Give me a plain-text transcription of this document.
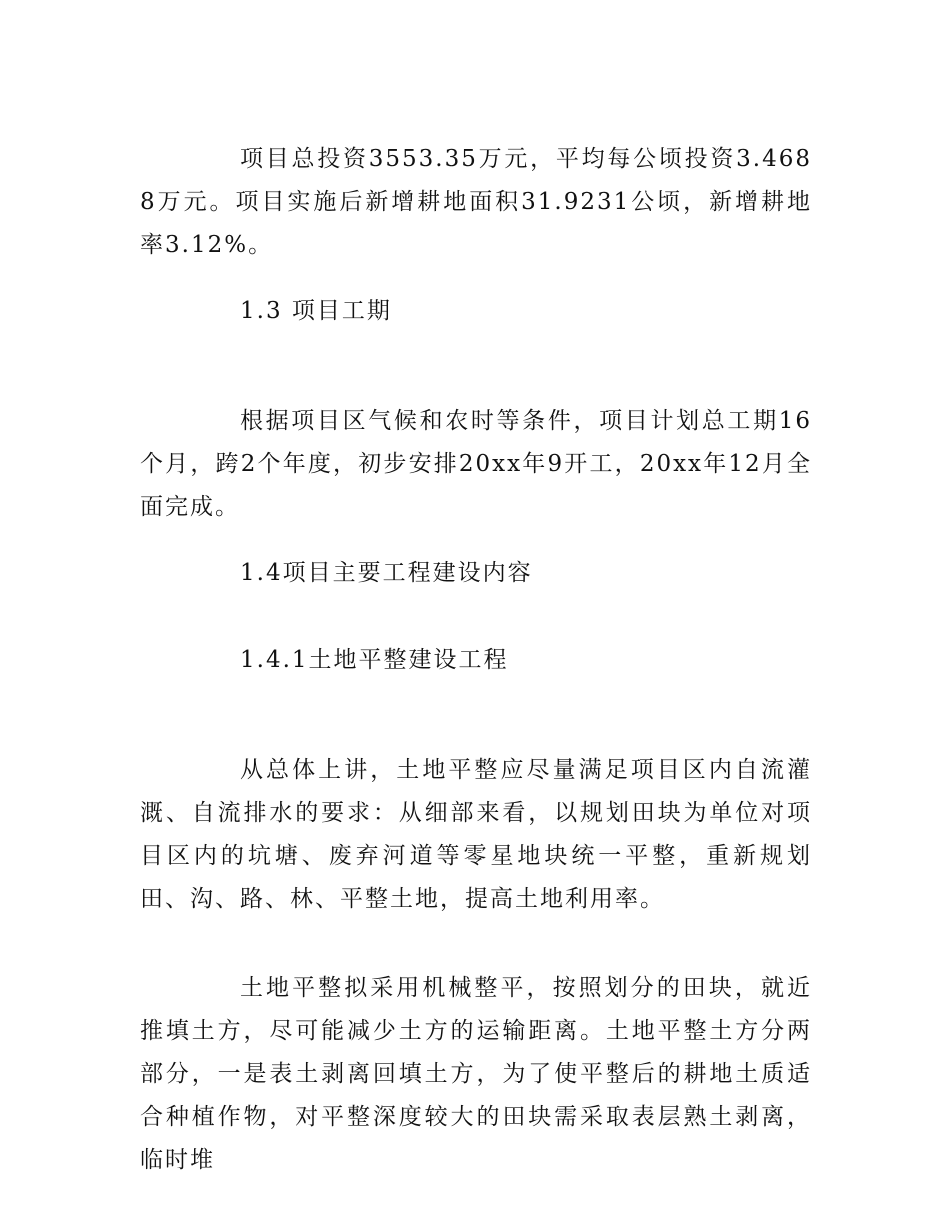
项目总投资3553.35万元，平均每公顷投资3.4688万元。项目实施后新增耕地面积31.9231公顷，新增耕地率3.12%。

1.3 项目工期

根据项目区气候和农时等条件，项目计划总工期16个月，跨2个年度，初步安排20xx年9开工，20xx年12月全面完成。

1.4项目主要工程建设内容
1.4.1土地平整建设工程

从总体上讲，土地平整应尽量满足项目区内自流灌溉、自流排水的要求：从细部来看，以规划田块为单位对项目区内的坑塘、废弃河道等零星地块统一平整，重新规划田、沟、路、林、平整土地，提高土地利用率。

土地平整拟采用机械整平，按照划分的田块，就近推填土方，尽可能减少土方的运输距离。土地平整土方分两部分，一是表土剥离回填土方，为了使平整后的耕地土质适合种植作物，对平整深度较大的田块需采取表层熟土剥离，临时堆
